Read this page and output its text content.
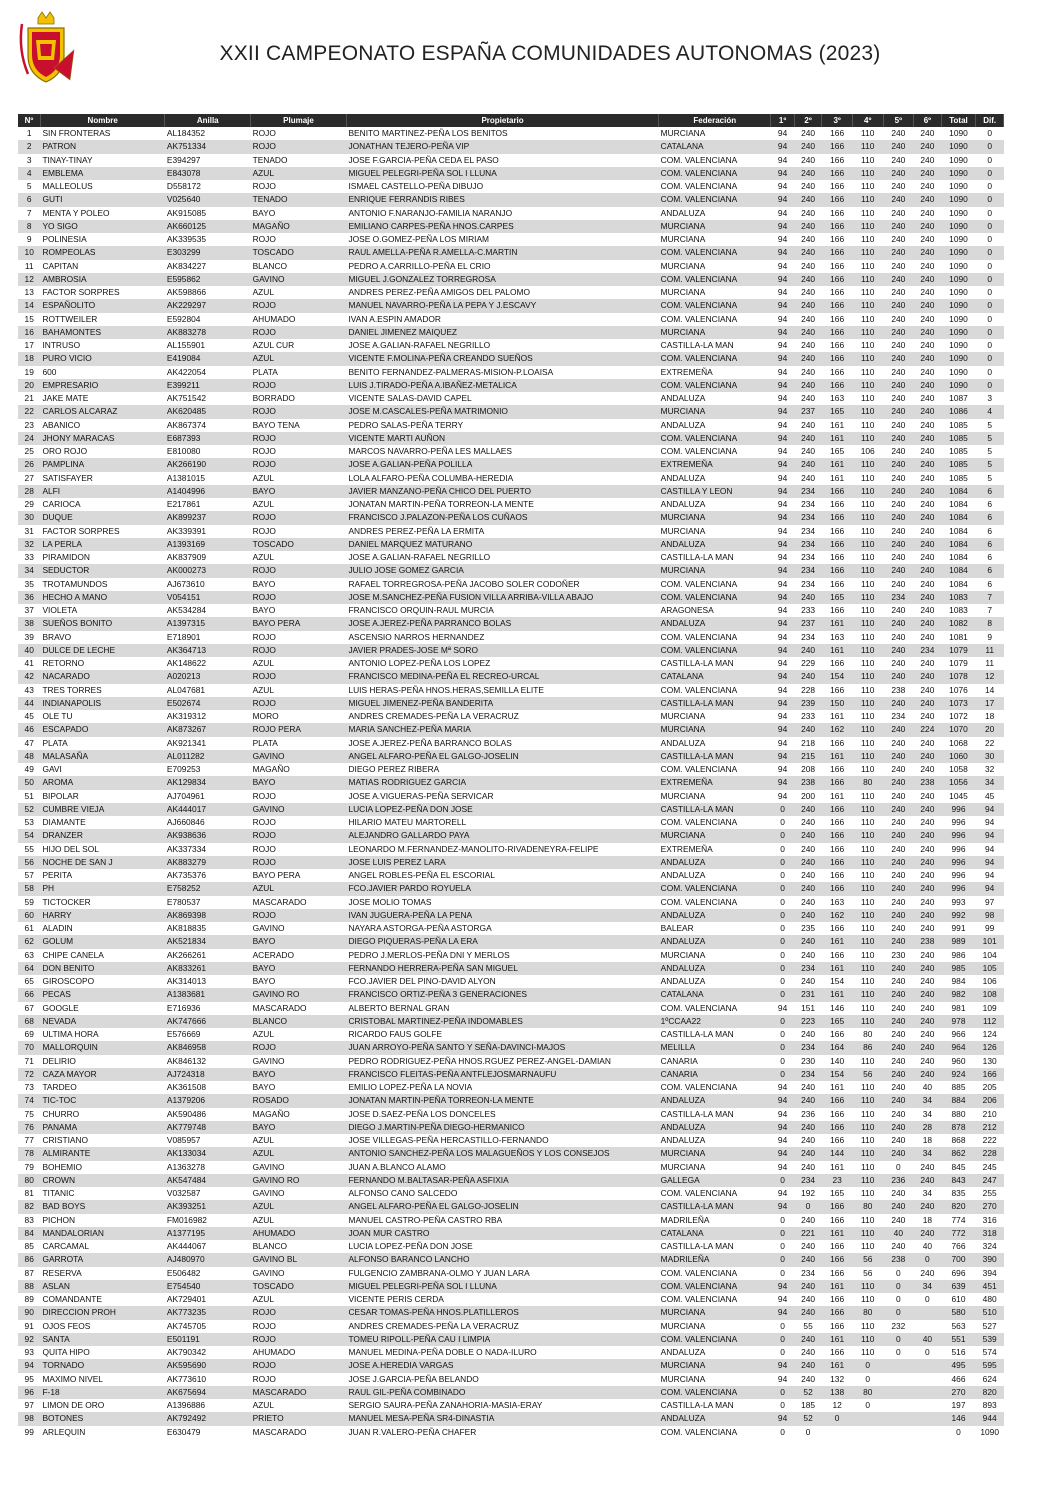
XXII CAMPEONATO ESPAÑA COMUNIDADES AUTONOMAS (2023)
Nº	Nombre	Anilla	Plumaje	Propietario	Federación	1º	2º	3º	4º	5º	6º	Total	Dif.
1	SIN FRONTERAS	AL184352	ROJO	BENITO MARTINEZ-PEÑA LOS BENITOS	MURCIANA	94	240	166	110	240	240	1090	0
2	PATRON	AK751334	ROJO	JONATHAN TEJERO-PEÑA VIP	CATALANA	94	240	166	110	240	240	1090	0
3	TINAY-TINAY	E394297	TENADO	JOSE F.GARCIA-PEÑA CEDA EL PASO	COM. VALENCIANA	94	240	166	110	240	240	1090	0
4	EMBLEMA	E843078	AZUL	MIGUEL PELEGRI-PEÑA SOL I LLUNA	COM. VALENCIANA	94	240	166	110	240	240	1090	0
5	MALLEOLUS	D558172	ROJO	ISMAEL CASTELLO-PEÑA DIBUJO	COM. VALENCIANA	94	240	166	110	240	240	1090	0
6	GUTI	V025640	TENADO	ENRIQUE FERRANDIS RIBES	COM. VALENCIANA	94	240	166	110	240	240	1090	0
7	MENTA Y POLEO	AK915085	BAYO	ANTONIO F.NARANJO-FAMILIA NARANJO	ANDALUZA	94	240	166	110	240	240	1090	0
8	YO SIGO	AK660125	MAGAÑO	EMILIANO CARPES-PEÑA HNOS.CARPES	MURCIANA	94	240	166	110	240	240	1090	0
9	POLINESIA	AK339535	ROJO	JOSE O.GOMEZ-PEÑA LOS MIRIAM	MURCIANA	94	240	166	110	240	240	1090	0
10	ROMPEOLAS	E303299	TOSCADO	RAUL AMELLA-PEÑA R.AMELLA-C.MARTIN	COM. VALENCIANA	94	240	166	110	240	240	1090	0
11	CAPITAN	AK834227	BLANCO	PEDRO A.CARRILLO-PEÑA EL CRIO	MURCIANA	94	240	166	110	240	240	1090	0
12	AMBROSIA	E595862	GAVINO	MIGUEL J.GONZALEZ TORREGROSA	COM. VALENCIANA	94	240	166	110	240	240	1090	0
13	FACTOR SORPRES	AK598866	AZUL	ANDRES PEREZ-PEÑA AMIGOS DEL PALOMO	MURCIANA	94	240	166	110	240	240	1090	0
14	ESPAÑOLITO	AK229297	ROJO	MANUEL NAVARRO-PEÑA LA PEPA Y J.ESCAVY	COM. VALENCIANA	94	240	166	110	240	240	1090	0
15	ROTTWEILER	E592804	AHUMADO	IVAN A.ESPIN AMADOR	COM. VALENCIANA	94	240	166	110	240	240	1090	0
16	BAHAMONTES	AK883278	ROJO	DANIEL JIMENEZ MAIQUEZ	MURCIANA	94	240	166	110	240	240	1090	0
17	INTRUSO	AL155901	AZUL CUR	JOSE A.GALIAN-RAFAEL NEGRILLO	CASTILLA-LA MAN	94	240	166	110	240	240	1090	0
18	PURO VICIO	E419084	AZUL	VICENTE F.MOLINA-PEÑA CREANDO SUEÑOS	COM. VALENCIANA	94	240	166	110	240	240	1090	0
19	600	AK422054	PLATA	BENITO FERNANDEZ-PALMERAS-MISION-P.LOAISA	EXTREMEÑA	94	240	166	110	240	240	1090	0
20	EMPRESARIO	E399211	ROJO	LUIS J.TIRADO-PEÑA A.IBAÑEZ-METALICA	COM. VALENCIANA	94	240	166	110	240	240	1090	0
21	JAKE MATE	AK751542	BORRADO	VICENTE SALAS-DAVID CAPEL	ANDALUZA	94	240	163	110	240	240	1087	3
22	CARLOS ALCARAZ	AK620485	ROJO	JOSE M.CASCALES-PEÑA MATRIMONIO	MURCIANA	94	237	165	110	240	240	1086	4
23	ABANICO	AK867374	BAYO TENA	PEDRO SALAS-PEÑA TERRY	ANDALUZA	94	240	161	110	240	240	1085	5
24	JHONY MARACAS	E687393	ROJO	VICENTE MARTI AUÑON	COM. VALENCIANA	94	240	161	110	240	240	1085	5
25	ORO ROJO	E810080	ROJO	MARCOS NAVARRO-PEÑA LES MALLAES	COM. VALENCIANA	94	240	165	106	240	240	1085	5
26	PAMPLINA	AK266190	ROJO	JOSE A.GALIAN-PEÑA POLILLA	EXTREMEÑA	94	240	161	110	240	240	1085	5
27	SATISFAYER	A1381015	AZUL	LOLA ALFARO-PEÑA COLUMBA-HEREDIA	ANDALUZA	94	240	161	110	240	240	1085	5
28	ALFI	A1404996	BAYO	JAVIER MANZANO-PEÑA CHICO DEL PUERTO	CASTILLA Y LEON	94	234	166	110	240	240	1084	6
29	CARIOCA	E217861	AZUL	JONATAN MARTIN-PEÑA TORREON-LA MENTE	ANDALUZA	94	234	166	110	240	240	1084	6
30	DUQUE	AK899237	ROJO	FRANCISCO J.PALAZON-PEÑA LOS CUÑAOS	MURCIANA	94	234	166	110	240	240	1084	6
31	FACTOR SORPRES	AK339391	ROJO	ANDRES PEREZ-PEÑA LA ERMITA	MURCIANA	94	234	166	110	240	240	1084	6
32	LA PERLA	A1393169	TOSCADO	DANIEL MARQUEZ MATURANO	ANDALUZA	94	234	166	110	240	240	1084	6
33	PIRAMIDON	AK837909	AZUL	JOSE A.GALIAN-RAFAEL NEGRILLO	CASTILLA-LA MAN	94	234	166	110	240	240	1084	6
34	SEDUCTOR	AK000273	ROJO	JULIO JOSE GOMEZ GARCIA	MURCIANA	94	234	166	110	240	240	1084	6
35	TROTAMUNDOS	AJ673610	BAYO	RAFAEL TORREGROSA-PEÑA JACOBO SOLER CODOÑER	COM. VALENCIANA	94	234	166	110	240	240	1084	6
36	HECHO A MANO	V054151	ROJO	JOSE M.SANCHEZ-PEÑA FUSION VILLA ARRIBA-VILLA ABAJO	COM. VALENCIANA	94	240	165	110	234	240	1083	7
37	VIOLETA	AK534284	BAYO	FRANCISCO ORQUIN-RAUL MURCIA	ARAGONESA	94	233	166	110	240	240	1083	7
38	SUEÑOS BONITO	A1397315	BAYO PERA	JOSE A.JEREZ-PEÑA PARRANCO BOLAS	ANDALUZA	94	237	161	110	240	240	1082	8
39	BRAVO	E718901	ROJO	ASCENSIO NARROS HERNANDEZ	COM. VALENCIANA	94	234	163	110	240	240	1081	9
40	DULCE DE LECHE	AK364713	ROJO	JAVIER PRADES-JOSE Mª SORO	COM. VALENCIANA	94	240	161	110	240	234	1079	11
41	RETORNO	AK148622	AZUL	ANTONIO LOPEZ-PEÑA LOS LOPEZ	CASTILLA-LA MAN	94	229	166	110	240	240	1079	11
42	NACARADO	A020213	ROJO	FRANCISCO MEDINA-PEÑA EL RECREO-URCAL	CATALANA	94	240	154	110	240	240	1078	12
43	TRES TORRES	AL047681	AZUL	LUIS HERAS-PEÑA HNOS.HERAS,SEMILLA ELITE	COM. VALENCIANA	94	228	166	110	238	240	1076	14
44	INDIANAPOLIS	E502674	ROJO	MIGUEL JIMENEZ-PEÑA BANDERITA	CASTILLA-LA MAN	94	239	150	110	240	240	1073	17
45	OLE TU	AK319312	MORO	ANDRES CREMADES-PEÑA LA VERACRUZ	MURCIANA	94	233	161	110	234	240	1072	18
46	ESCAPADO	AK873267	ROJO PERA	MARIA SANCHEZ-PEÑA MARIA	MURCIANA	94	240	162	110	240	224	1070	20
47	PLATA	AK921341	PLATA	JOSE A.JEREZ-PEÑA BARRANCO BOLAS	ANDALUZA	94	218	166	110	240	240	1068	22
48	MALASAÑA	AL011282	GAVINO	ANGEL ALFARO-PEÑA EL GALGO-JOSELIN	CASTILLA-LA MAN	94	215	161	110	240	240	1060	30
49	GAVI	E709253	MAGAÑO	DIEGO PEREZ RIBERA	COM. VALENCIANA	94	208	166	110	240	240	1058	32
50	AROMA	AK129834	BAYO	MATIAS RODRIGUEZ GARCIA	EXTREMEÑA	94	238	166	80	240	238	1056	34
51	BIPOLAR	AJ704961	ROJO	JOSE A.VIGUERAS-PEÑA SERVICAR	MURCIANA	94	200	161	110	240	240	1045	45
52	CUMBRE VIEJA	AK444017	GAVINO	LUCIA LOPEZ-PEÑA DON JOSE	CASTILLA-LA MAN	0	240	166	110	240	240	996	94
53	DIAMANTE	AJ660846	ROJO	HILARIO MATEU MARTORELL	COM. VALENCIANA	0	240	166	110	240	240	996	94
54	DRANZER	AK938636	ROJO	ALEJANDRO GALLARDO PAYA	MURCIANA	0	240	166	110	240	240	996	94
55	HIJO DEL SOL	AK337334	ROJO	LEONARDO M.FERNANDEZ-MANOLITO-RIVADENEYRA-FELIPE	EXTREMEÑA	0	240	166	110	240	240	996	94
56	NOCHE DE SAN J	AK883279	ROJO	JOSE LUIS PEREZ LARA	ANDALUZA	0	240	166	110	240	240	996	94
57	PERITA	AK735376	BAYO PERA	ANGEL ROBLES-PEÑA EL ESCORIAL	ANDALUZA	0	240	166	110	240	240	996	94
58	PH	E758252	AZUL	FCO.JAVIER PARDO ROYUELA	COM. VALENCIANA	0	240	166	110	240	240	996	94
59	TICTOCKER	E780537	MASCARADO	JOSE MOLIO TOMAS	COM. VALENCIANA	0	240	163	110	240	240	993	97
60	HARRY	AK869398	ROJO	IVAN JUGUERA-PEÑA LA PENA	ANDALUZA	0	240	162	110	240	240	992	98
61	ALADIN	AK818835	GAVINO	NAYARA ASTORGA-PEÑA ASTORGA	BALEAR	0	235	166	110	240	240	991	99
62	GOLUM	AK521834	BAYO	DIEGO PIQUERAS-PEÑA LA ERA	ANDALUZA	0	240	161	110	240	238	989	101
63	CHIPE CANELA	AK266261	ACERADO	PEDRO J.MERLOS-PEÑA DNI Y MERLOS	MURCIANA	0	240	166	110	230	240	986	104
64	DON BENITO	AK833261	BAYO	FERNANDO HERRERA-PEÑA SAN MIGUEL	ANDALUZA	0	234	161	110	240	240	985	105
65	GIROSCOPO	AK314013	BAYO	FCO.JAVIER DEL PINO-DAVID ALYON	ANDALUZA	0	240	154	110	240	240	984	106
66	PECAS	A1383681	GAVINO RO	FRANCISCO ORTIZ-PEÑA 3 GENERACIONES	CATALANA	0	231	161	110	240	240	982	108
67	GOOGLE	E716936	MASCARADO	ALBERTO BERNAL GRAN	COM. VALENCIANA	94	151	146	110	240	240	981	109
68	NEVADA	AK747666	BLANCO	CRISTOBAL MARTINEZ-PEÑA INDOMABLES	1ºCCAA22	0	223	165	110	240	240	978	112
69	ULTIMA HORA	E576669	AZUL	RICARDO FAUS GOLFE	CASTILLA-LA MAN	0	240	166	80	240	240	966	124
70	MALLORQUIN	AK846958	ROJO	JUAN ARROYO-PEÑA SANTO Y SEÑA-DAVINCI-MAJOS	MELILLA	0	234	164	86	240	240	964	126
71	DELIRIO	AK846132	GAVINO	PEDRO RODRIGUEZ-PEÑA HNOS.RGUEZ PEREZ-ANGEL-DAMIAN	CANARIA	0	230	140	110	240	240	960	130
72	CAZA MAYOR	AJ724318	BAYO	FRANCISCO FLEITAS-PEÑA ANTFLEJOSMARNAUFU	CANARIA	0	234	154	56	240	240	924	166
73	TARDEO	AK361508	BAYO	EMILIO LOPEZ-PEÑA LA NOVIA	COM. VALENCIANA	94	240	161	110	240	40	885	205
74	TIC-TOC	A1379206	ROSADO	JONATAN MARTIN-PEÑA TORREON-LA MENTE	ANDALUZA	94	240	166	110	240	34	884	206
75	CHURRO	AK590486	MAGAÑO	JOSE D.SAEZ-PEÑA LOS DONCELES	CASTILLA-LA MAN	94	236	166	110	240	34	880	210
76	PANAMA	AK779748	BAYO	DIEGO J.MARTIN-PEÑA DIEGO-HERMANICO	ANDALUZA	94	240	166	110	240	28	878	212
77	CRISTIANO	V085957	AZUL	JOSE VILLEGAS-PEÑA HERCASTILLO-FERNANDO	ANDALUZA	94	240	166	110	240	18	868	222
78	ALMIRANTE	AK133034	AZUL	ANTONIO SANCHEZ-PEÑA LOS MALAGUEÑOS Y LOS CONSEJOS	MURCIANA	94	240	144	110	240	34	862	228
79	BOHEMIO	A1363278	GAVINO	JUAN A.BLANCO ALAMO	MURCIANA	94	240	161	110	0	240	845	245
80	CROWN	AK547484	GAVINO RO	FERNANDO M.BALTASAR-PEÑA ASFIXIA	GALLEGA	0	234	23	110	236	240	843	247
81	TITANIC	V032587	GAVINO	ALFONSO CANO SALCEDO	COM. VALENCIANA	94	192	165	110	240	34	835	255
82	BAD BOYS	AK393251	AZUL	ANGEL ALFARO-PEÑA EL GALGO-JOSELIN	CASTILLA-LA MAN	94	0	166	80	240	240	820	270
83	PICHON	FM016982	AZUL	MANUEL CASTRO-PEÑA CASTRO RBA	MADRILEÑA	0	240	166	110	240	18	774	316
84	MANDALORIAN	A1377195	AHUMADO	JOAN MUR CASTRO	CATALANA	0	221	161	110	40	240	772	318
85	CARCAMAL	AK444067	BLANCO	LUCIA LOPEZ-PEÑA DON JOSE	CASTILLA-LA MAN	0	240	166	110	240	40	766	324
86	GARROTA	AJ480970	GAVINO BL	ALFONSO BARANCO LANCHO	MADRILEÑA	0	240	166	56	238	0	700	390
87	RESERVA	E506482	GAVINO	FULGENCIO ZAMBRANA-OLMO Y JUAN LARA	COM. VALENCIANA	0	234	166	56	0	240	696	394
88	ASLAN	E754540	TOSCADO	MIGUEL PELEGRI-PEÑA SOL I LLUNA	COM. VALENCIANA	94	240	161	110	0	34	639	451
89	COMANDANTE	AK729401	AZUL	VICENTE PERIS CERDA	COM. VALENCIANA	94	240	166	110	0	0	610	480
90	DIRECCION PROH	AK773235	ROJO	CESAR TOMAS-PEÑA HNOS.PLATILLEROS	MURCIANA	94	240	166	80	0		580	510
91	OJOS FEOS	AK745705	ROJO	ANDRES CREMADES-PEÑA LA VERACRUZ	MURCIANA	0	55	166	110	232		563	527
92	SANTA	E501191	ROJO	TOMEU RIPOLL-PEÑA CAU I LIMPIA	COM. VALENCIANA	0	240	161	110	0	40	551	539
93	QUITA HIPO	AK790342	AHUMADO	MANUEL MEDINA-PEÑA DOBLE O NADA-ILURO	ANDALUZA	0	240	166	110	0	0	516	574
94	TORNADO	AK595690	ROJO	JOSE A.HEREDIA VARGAS	MURCIANA	94	240	161	0			495	595
95	MAXIMO NIVEL	AK773610	ROJO	JOSE J.GARCIA-PEÑA BELANDO	MURCIANA	94	240	132	0			466	624
96	F-18	AK675694	MASCARADO	RAUL GIL-PEÑA COMBINADO	COM. VALENCIANA	0	52	138	80			270	820
97	LIMON DE ORO	A1396886	AZUL	SERGIO SAURA-PEÑA ZANAHORIA-MASIA-ERAY	CASTILLA-LA MAN	0	185	12	0			197	893
98	BOTONES	AK792492	PRIETO	MANUEL MESA-PEÑA SR4-DINASTIA	ANDALUZA	94	52	0				146	944
99	ARLEQUIN	E630479	MASCARADO	JUAN R.VALERO-PEÑA CHAFER	COM. VALENCIANA	0	0					0	1090
